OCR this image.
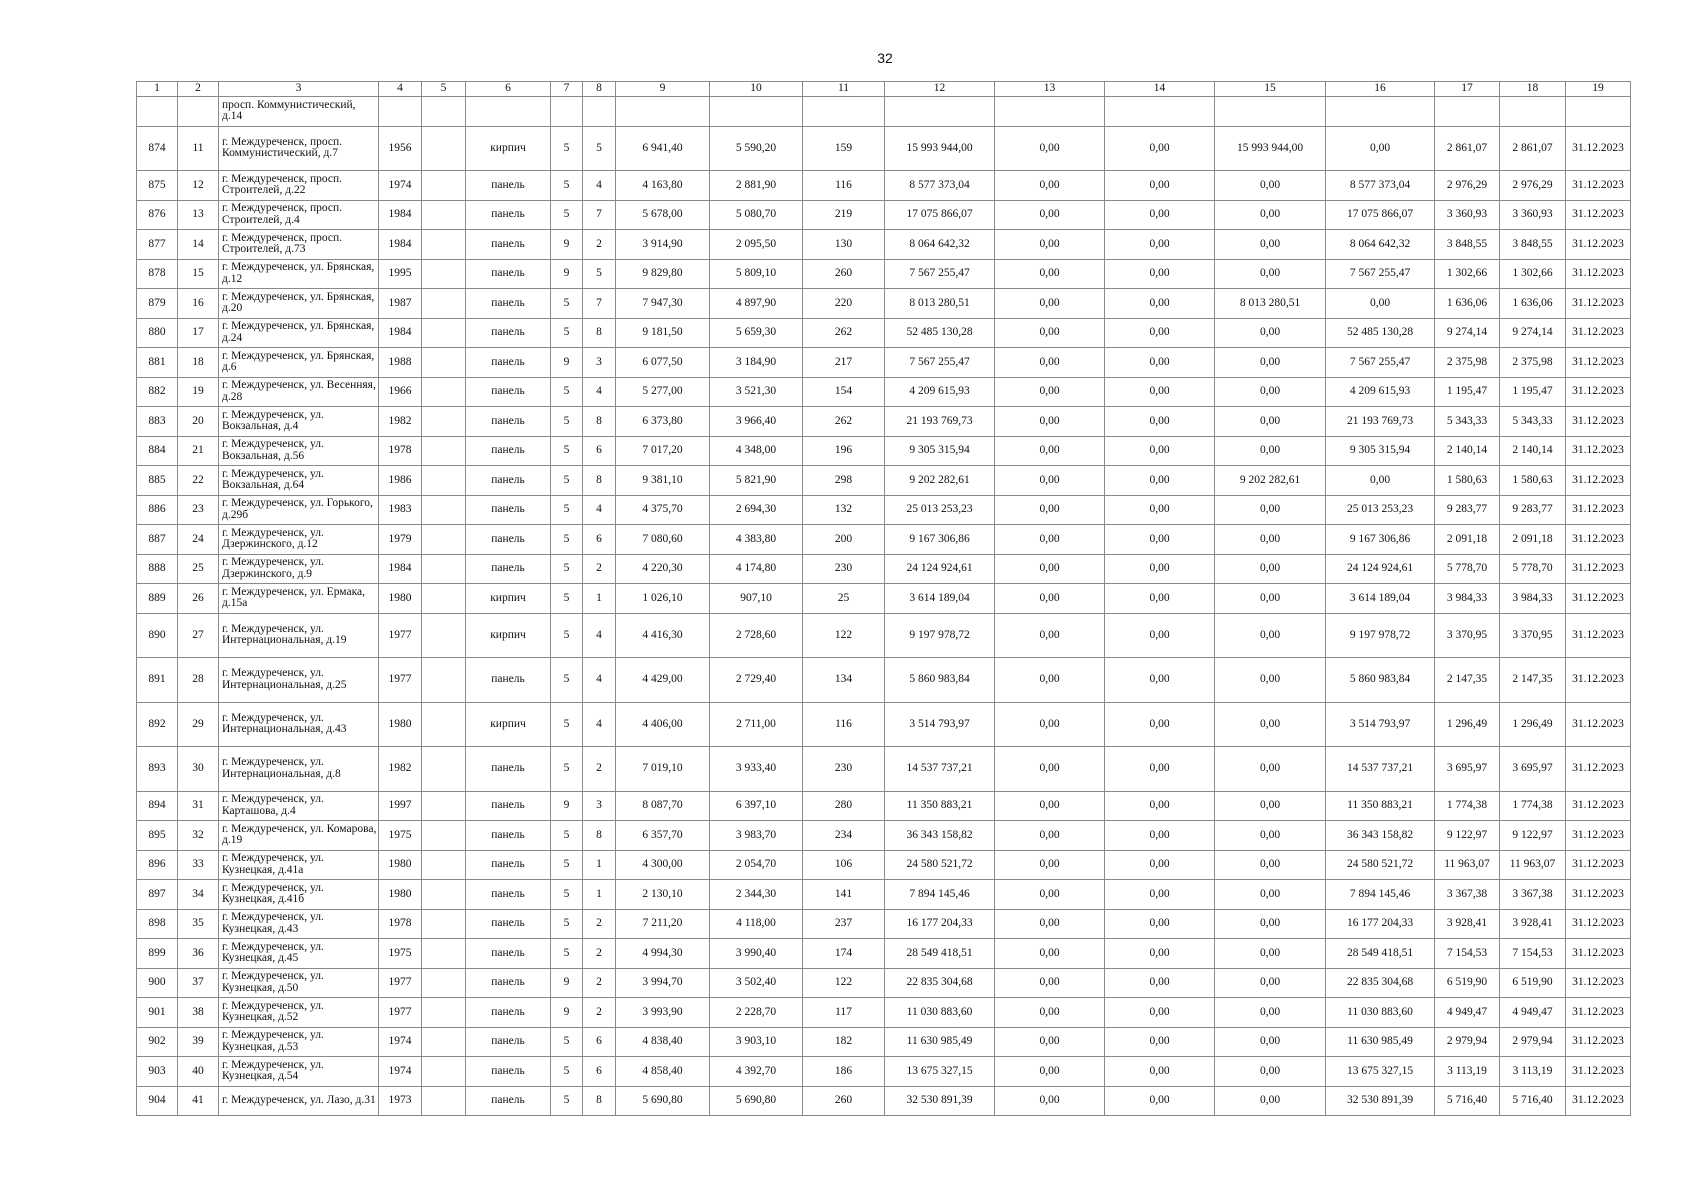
32
1	2	3	4	5	6	7	8	9	10	11	12	13	14	15	16	17	18	19
		просп. Коммунистический, д.14																
874	11	г. Междуреченск, просп. Коммунистический, д.7	1956		кирпич	5	5	6 941,40	5 590,20	159	15 993 944,00	0,00	0,00	15 993 944,00	0,00	2 861,07	2 861,07	31.12.2023
875	12	г. Междуреченск, просп. Строителей, д.22	1974		панель	5	4	4 163,80	2 881,90	116	8 577 373,04	0,00	0,00	0,00	8 577 373,04	2 976,29	2 976,29	31.12.2023
876	13	г. Междуреченск, просп. Строителей, д.4	1984		панель	5	7	5 678,00	5 080,70	219	17 075 866,07	0,00	0,00	0,00	17 075 866,07	3 360,93	3 360,93	31.12.2023
877	14	г. Междуреченск, просп. Строителей, д.73	1984		панель	9	2	3 914,90	2 095,50	130	8 064 642,32	0,00	0,00	0,00	8 064 642,32	3 848,55	3 848,55	31.12.2023
878	15	г. Междуреченск, ул. Брянская, д.12	1995		панель	9	5	9 829,80	5 809,10	260	7 567 255,47	0,00	0,00	0,00	7 567 255,47	1 302,66	1 302,66	31.12.2023
879	16	г. Междуреченск, ул. Брянская, д.20	1987		панель	5	7	7 947,30	4 897,90	220	8 013 280,51	0,00	0,00	8 013 280,51	0,00	1 636,06	1 636,06	31.12.2023
880	17	г. Междуреченск, ул. Брянская, д.24	1984		панель	5	8	9 181,50	5 659,30	262	52 485 130,28	0,00	0,00	0,00	52 485 130,28	9 274,14	9 274,14	31.12.2023
881	18	г. Междуреченск, ул. Брянская, д.6	1988		панель	9	3	6 077,50	3 184,90	217	7 567 255,47	0,00	0,00	0,00	7 567 255,47	2 375,98	2 375,98	31.12.2023
882	19	г. Междуреченск, ул. Весенняя, д.28	1966		панель	5	4	5 277,00	3 521,30	154	4 209 615,93	0,00	0,00	0,00	4 209 615,93	1 195,47	1 195,47	31.12.2023
883	20	г. Междуреченск, ул. Вокзальная, д.4	1982		панель	5	8	6 373,80	3 966,40	262	21 193 769,73	0,00	0,00	0,00	21 193 769,73	5 343,33	5 343,33	31.12.2023
884	21	г. Междуреченск, ул. Вокзальная, д.56	1978		панель	5	6	7 017,20	4 348,00	196	9 305 315,94	0,00	0,00	0,00	9 305 315,94	2 140,14	2 140,14	31.12.2023
885	22	г. Междуреченск, ул. Вокзальная, д.64	1986		панель	5	8	9 381,10	5 821,90	298	9 202 282,61	0,00	0,00	9 202 282,61	0,00	1 580,63	1 580,63	31.12.2023
886	23	г. Междуреченск, ул. Горького, д.29б	1983		панель	5	4	4 375,70	2 694,30	132	25 013 253,23	0,00	0,00	0,00	25 013 253,23	9 283,77	9 283,77	31.12.2023
887	24	г. Междуреченск, ул. Дзержинского, д.12	1979		панель	5	6	7 080,60	4 383,80	200	9 167 306,86	0,00	0,00	0,00	9 167 306,86	2 091,18	2 091,18	31.12.2023
888	25	г. Междуреченск, ул. Дзержинского, д.9	1984		панель	5	2	4 220,30	4 174,80	230	24 124 924,61	0,00	0,00	0,00	24 124 924,61	5 778,70	5 778,70	31.12.2023
889	26	г. Междуреченск, ул. Ермака, д.15а	1980		кирпич	5	1	1 026,10	907,10	25	3 614 189,04	0,00	0,00	0,00	3 614 189,04	3 984,33	3 984,33	31.12.2023
890	27	г. Междуреченск, ул. Интернациональная, д.19	1977		кирпич	5	4	4 416,30	2 728,60	122	9 197 978,72	0,00	0,00	0,00	9 197 978,72	3 370,95	3 370,95	31.12.2023
891	28	г. Междуреченск, ул. Интернациональная, д.25	1977		панель	5	4	4 429,00	2 729,40	134	5 860 983,84	0,00	0,00	0,00	5 860 983,84	2 147,35	2 147,35	31.12.2023
892	29	г. Междуреченск, ул. Интернациональная, д.43	1980		кирпич	5	4	4 406,00	2 711,00	116	3 514 793,97	0,00	0,00	0,00	3 514 793,97	1 296,49	1 296,49	31.12.2023
893	30	г. Междуреченск, ул. Интернациональная, д.8	1982		панель	5	2	7 019,10	3 933,40	230	14 537 737,21	0,00	0,00	0,00	14 537 737,21	3 695,97	3 695,97	31.12.2023
894	31	г. Междуреченск, ул. Карташова, д.4	1997		панель	9	3	8 087,70	6 397,10	280	11 350 883,21	0,00	0,00	0,00	11 350 883,21	1 774,38	1 774,38	31.12.2023
895	32	г. Междуреченск, ул. Комарова, д.19	1975		панель	5	8	6 357,70	3 983,70	234	36 343 158,82	0,00	0,00	0,00	36 343 158,82	9 122,97	9 122,97	31.12.2023
896	33	г. Междуреченск, ул. Кузнецкая, д.41а	1980		панель	5	1	4 300,00	2 054,70	106	24 580 521,72	0,00	0,00	0,00	24 580 521,72	11 963,07	11 963,07	31.12.2023
897	34	г. Междуреченск, ул. Кузнецкая, д.41б	1980		панель	5	1	2 130,10	2 344,30	141	7 894 145,46	0,00	0,00	0,00	7 894 145,46	3 367,38	3 367,38	31.12.2023
898	35	г. Междуреченск, ул. Кузнецкая, д.43	1978		панель	5	2	7 211,20	4 118,00	237	16 177 204,33	0,00	0,00	0,00	16 177 204,33	3 928,41	3 928,41	31.12.2023
899	36	г. Междуреченск, ул. Кузнецкая, д.45	1975		панель	5	2	4 994,30	3 990,40	174	28 549 418,51	0,00	0,00	0,00	28 549 418,51	7 154,53	7 154,53	31.12.2023
900	37	г. Междуреченск, ул. Кузнецкая, д.50	1977		панель	9	2	3 994,70	3 502,40	122	22 835 304,68	0,00	0,00	0,00	22 835 304,68	6 519,90	6 519,90	31.12.2023
901	38	г. Междуреченск, ул. Кузнецкая, д.52	1977		панель	9	2	3 993,90	2 228,70	117	11 030 883,60	0,00	0,00	0,00	11 030 883,60	4 949,47	4 949,47	31.12.2023
902	39	г. Междуреченск, ул. Кузнецкая, д.53	1974		панель	5	6	4 838,40	3 903,10	182	11 630 985,49	0,00	0,00	0,00	11 630 985,49	2 979,94	2 979,94	31.12.2023
903	40	г. Междуреченск, ул. Кузнецкая, д.54	1974		панель	5	6	4 858,40	4 392,70	186	13 675 327,15	0,00	0,00	0,00	13 675 327,15	3 113,19	3 113,19	31.12.2023
904	41	г. Междуреченск, ул. Лазо, д.31	1973		панель	5	8	5 690,80	5 690,80	260	32 530 891,39	0,00	0,00	0,00	32 530 891,39	5 716,40	5 716,40	31.12.2023
